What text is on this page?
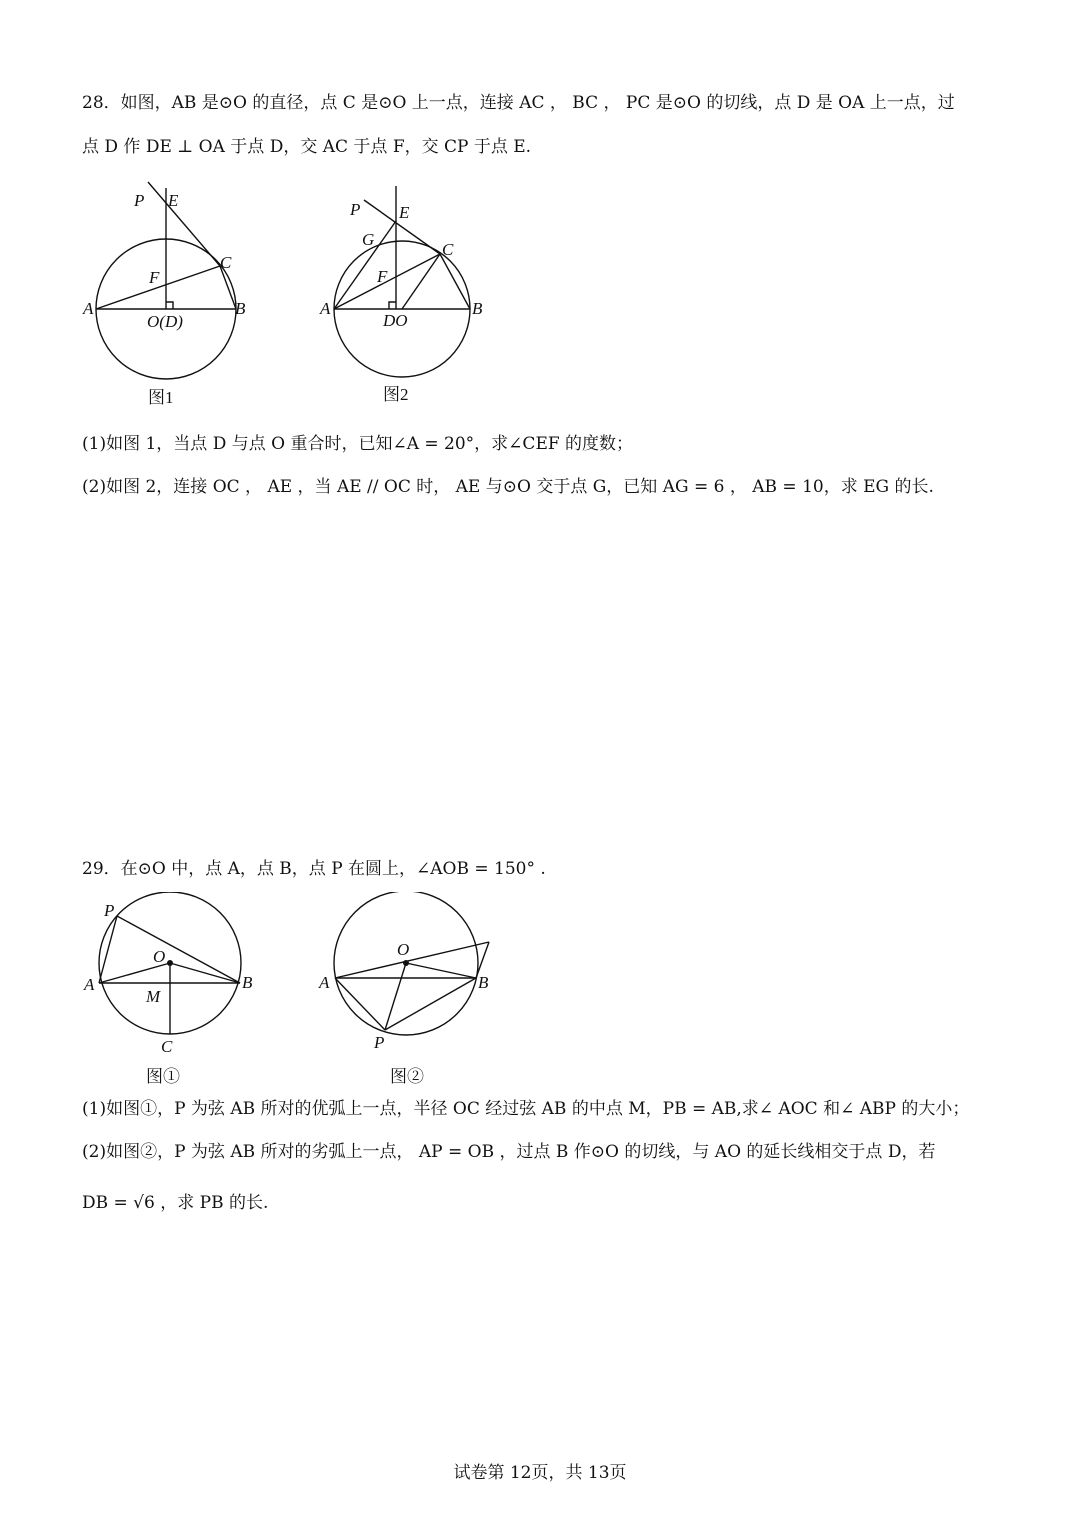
28．如图，AB 是⊙O 的直径，点 C 是⊙O 上一点，连接 AC ， BC ， PC 是⊙O 的切线，点 D 是 OA 上一点，过
点 D 作 DE ⊥ OA 于点 D，交 AC 于点 F，交 CP 于点 E.
P E
C
F
A	B
O(D)
图1
P E
G
C
F
A	B
DO
图2
(1)如图 1，当点 D 与点 O 重合时，已知∠A = 20°，求∠CEF 的度数；
(2)如图 2，连接 OC ， AE ，当 AE // OC 时， AE 与⊙O 交于点 G，已知 AG = 6 ， AB = 10，求 EG 的长.
29．在⊙O 中，点 A，点 B，点 P 在圆上，∠AOB = 150° .
P
O
A	B
M
C
图①
O
A	B
P
图②
(1)如图①，P 为弦 AB 所对的优弧上一点，半径 OC 经过弦 AB 的中点 M，PB = AB,求∠ AOC 和∠ ABP 的大小；
(2)如图②，P 为弦 AB 所对的劣弧上一点， AP = OB ，过点 B 作⊙O 的切线，与 AO 的延长线相交于点 D，若
DB = √6 ，求 PB 的长.
试卷第 12页，共 13页
